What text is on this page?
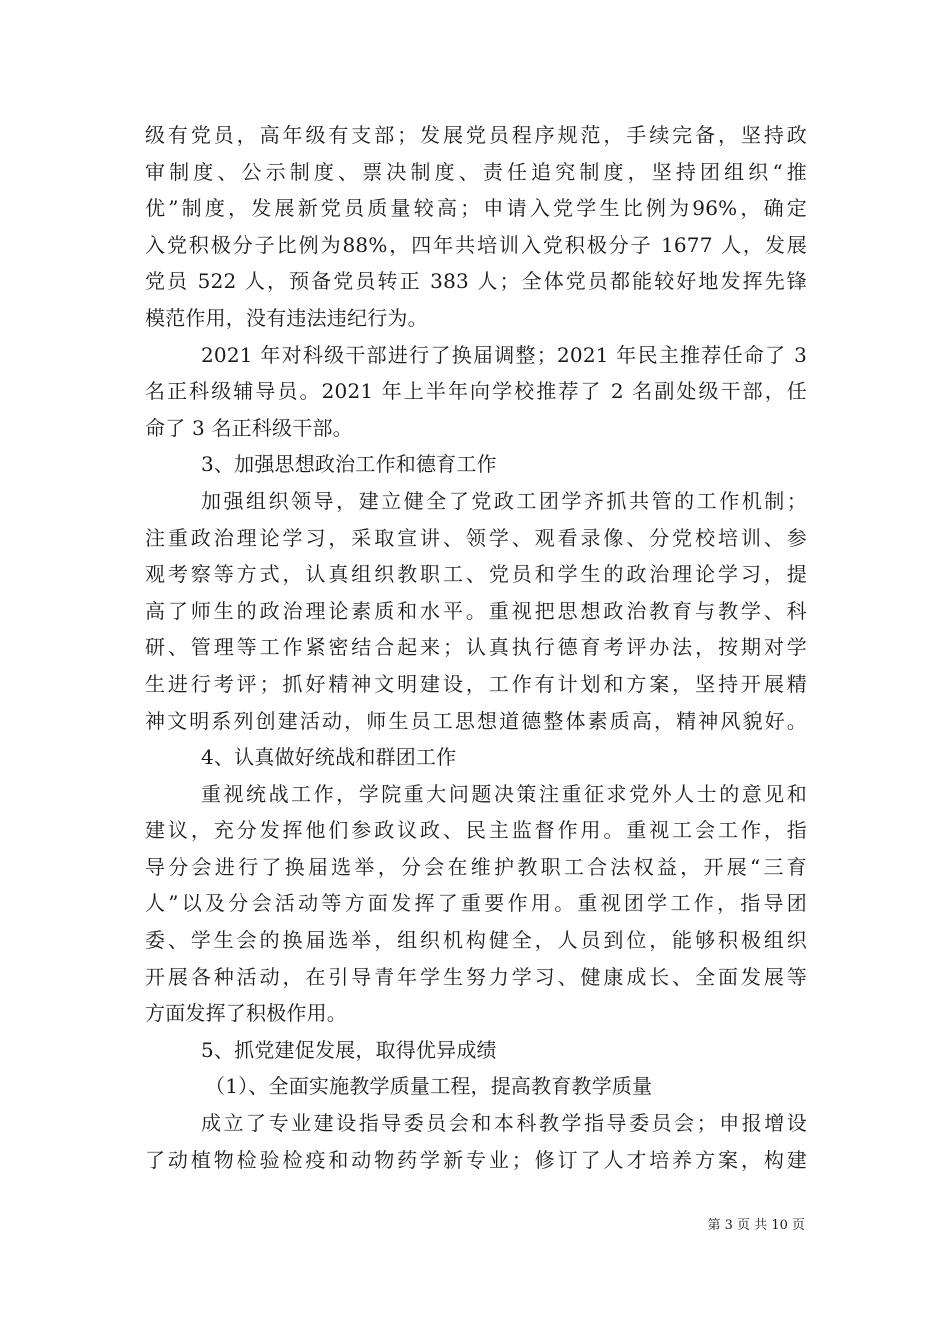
级有党员，高年级有支部；发展党员程序规范，手续完备，坚持政
审制度、公示制度、票决制度、责任追究制度，坚持团组织“推
优”制度，发展新党员质量较高；申请入党学生比例为96%，确定
入党积极分子比例为88%，四年共培训入党积极分子 1677 人，发展
党员 522 人，预备党员转正 383 人；全体党员都能较好地发挥先锋
模范作用，没有违法违纪行为。
2021 年对科级干部进行了换届调整；2021 年民主推荐任命了 3
名正科级辅导员。2021 年上半年向学校推荐了 2 名副处级干部，任
命了 3 名正科级干部。
3、加强思想政治工作和德育工作
加强组织领导，建立健全了党政工团学齐抓共管的工作机制；
注重政治理论学习，采取宣讲、领学、观看录像、分党校培训、参
观考察等方式，认真组织教职工、党员和学生的政治理论学习，提
高了师生的政治理论素质和水平。重视把思想政治教育与教学、科
研、管理等工作紧密结合起来；认真执行德育考评办法，按期对学
生进行考评；抓好精神文明建设，工作有计划和方案，坚持开展精
神文明系列创建活动，师生员工思想道德整体素质高，精神风貌好。
4、认真做好统战和群团工作
重视统战工作，学院重大问题决策注重征求党外人士的意见和
建议，充分发挥他们参政议政、民主监督作用。重视工会工作，指
导分会进行了换届选举，分会在维护教职工合法权益，开展“三育
人”以及分会活动等方面发挥了重要作用。重视团学工作，指导团
委、学生会的换届选举，组织机构健全，人员到位，能够积极组织
开展各种活动，在引导青年学生努力学习、健康成长、全面发展等
方面发挥了积极作用。
5、抓党建促发展，取得优异成绩
（1）、全面实施教学质量工程，提高教育教学质量
成立了专业建设指导委员会和本科教学指导委员会；申报增设
了动植物检验检疫和动物药学新专业；修订了人才培养方案，构建
第 3 页 共 10 页
